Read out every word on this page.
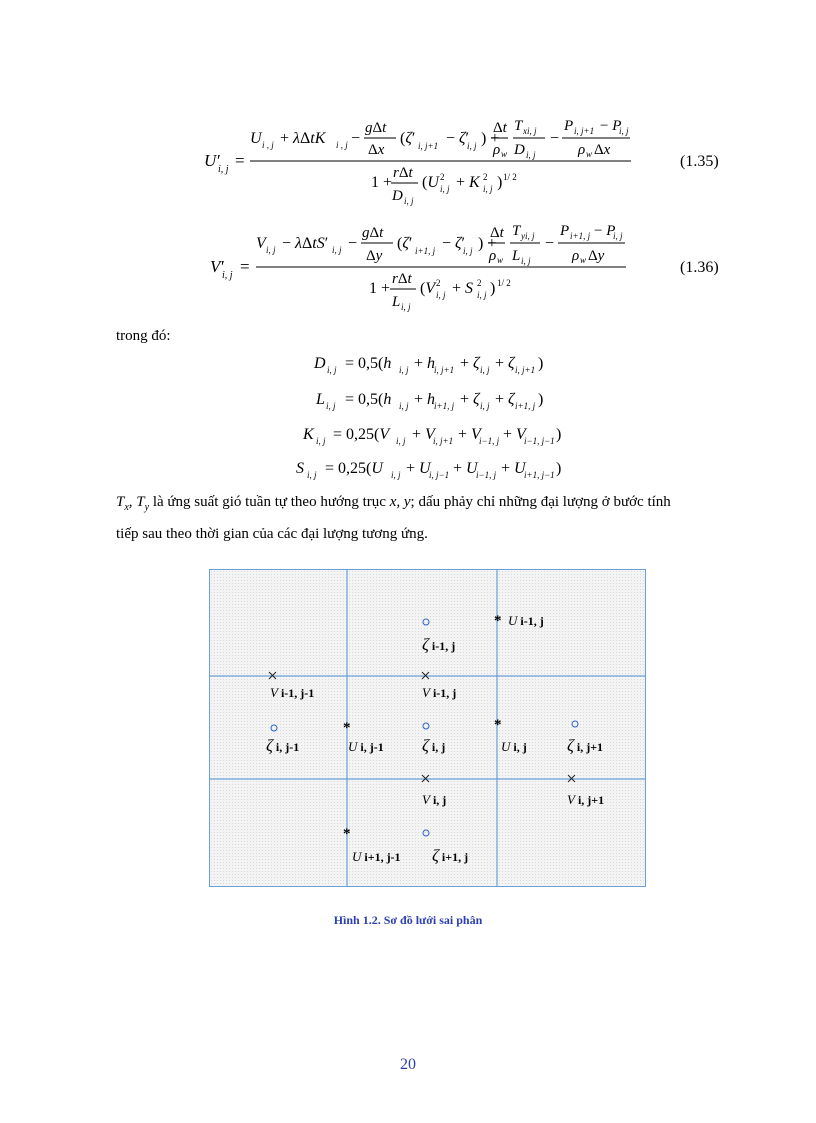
U ′
i, j =
U i , j + λΔtK i , j −
gΔt
Δx
(ζ′ i, j+1 − ζ′
i, j ) +
Δt
ρ w
T xi, j
D i, j
−
P i, j+1 − P
i, j
ρ w Δx
1 +
rΔt
D i, j
(U 2
i, j + K 2
i, j ) 1/ 2
(1.35)
V ′
i, j =
V i, j − λΔtS′ i, j −
gΔt
Δy
(ζ′ i+1, j − ζ′
i, j ) +
Δt
ρ w
T yi, j
L i, j
−
P i+1, j − P
i, j
ρ w Δy
1 +
rΔt
L i, j
(V 2
i, j + S 2
i, j ) 1/ 2
(1.36)
D i, j = 0,5(h i, j + h
i, j+1 + ζ i, j + ζ i, j+1 )
L i, j = 0,5(h i, j + h
i+1, j + ζ i, j + ζ i+1, j )
K i, j = 0,25(V i, j + V
i, j+1 + V
i−1, j + V
i−1, j−1 )
S i, j = 0,25(U i, j + U
i, j−1 + U
i−1, j + U
i+1, j−1 )
trong đó:
$T_x$, $T_y$ là ứng suất gió tuần tự theo hướng trục x, y; dấu phảy chỉ những đại lượng ở bước tính
tiếp sau theo thời gian của các đại lượng tương ứng.
*
*	*
*
U i-1, j
ζ i-1, j
V i-1, j-1	V i-1, j
ζ i, j-1	U i, j-1 ζ i, j	U i, j ζ i, j+1
V i, j	V i, j+1
U i+1, j-1 ζ i+1, j
Hình 1.2. Sơ đồ lưới sai phân
20
